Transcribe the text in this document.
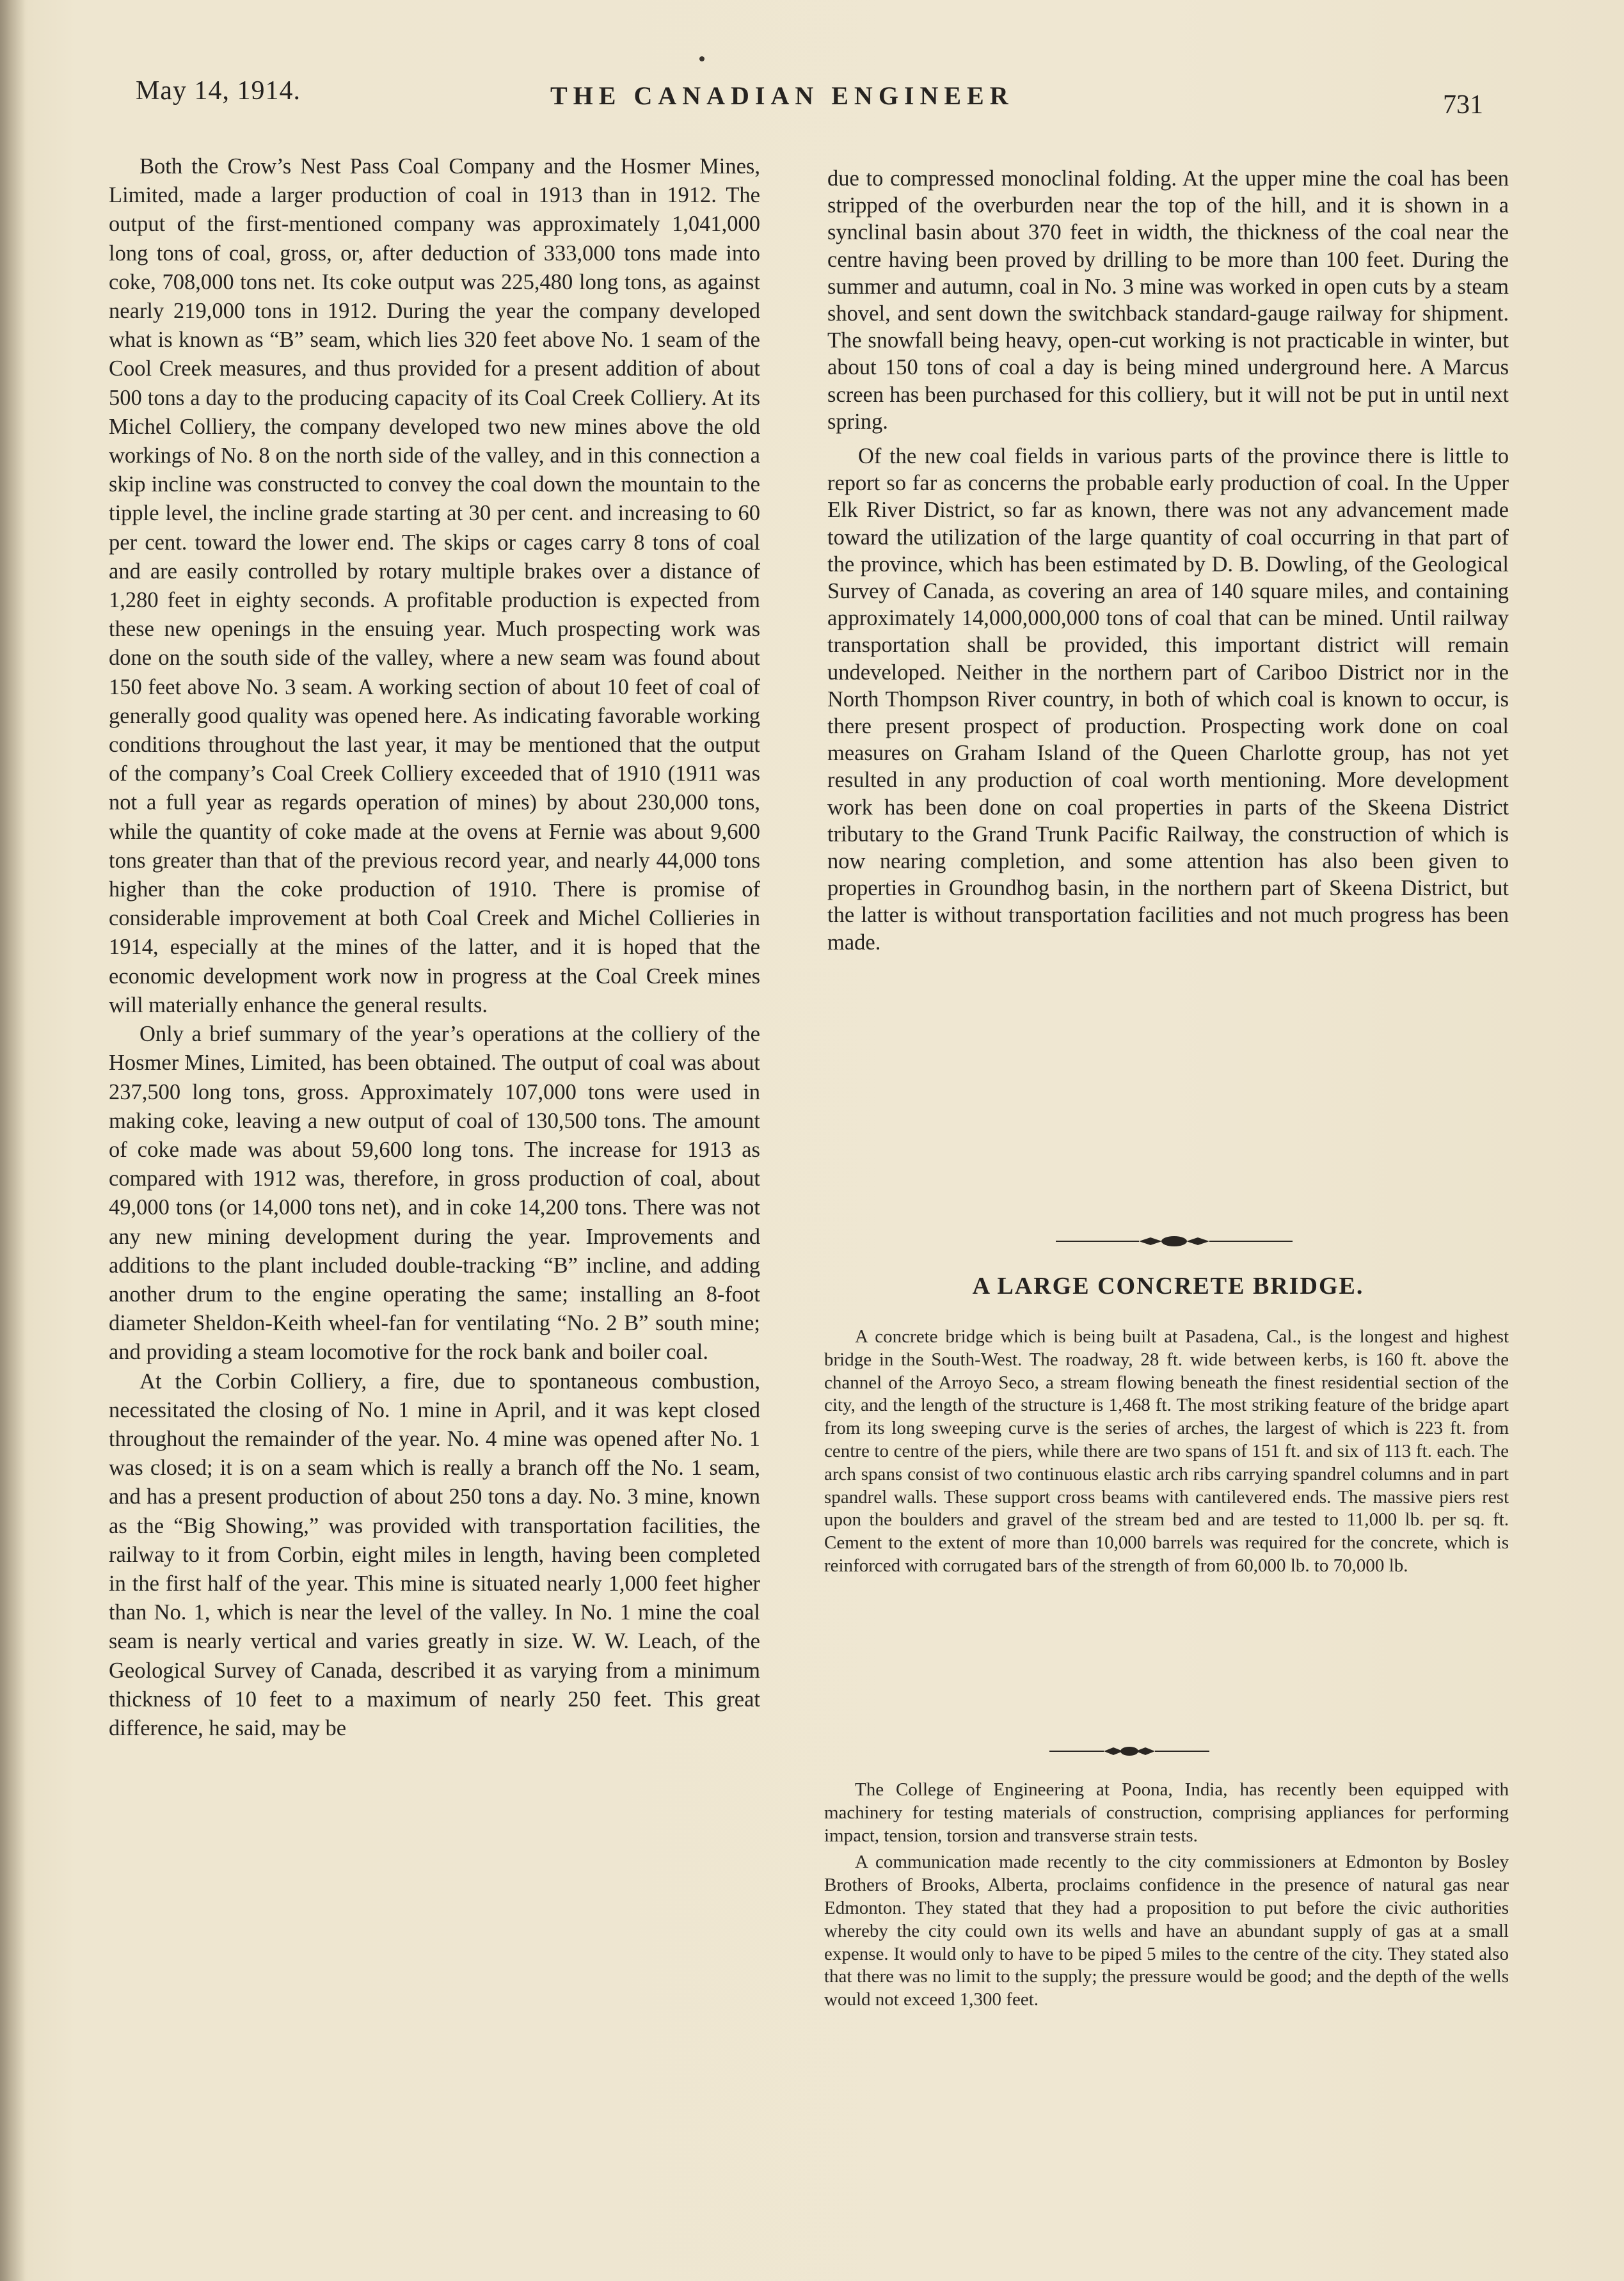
May 14, 1914.	THE CANADIAN ENGINEER	731

Both the Crow’s Nest Pass Coal Company and the Hosmer Mines, Limited, made a larger production of coal in 1913 than in 1912. The output of the first-mentioned company was approximately 1,041,000 long tons of coal, gross, or, after deduction of 333,000 tons made into coke, 708,000 tons net. Its coke output was 225,480 long tons, as against nearly 219,000 tons in 1912. During the year the company developed what is known as “B” seam, which lies 320 feet above No. 1 seam of the Cool Creek measures, and thus provided for a present addition of about 500 tons a day to the producing capacity of its Coal Creek Colliery. At its Michel Colliery, the company developed two new mines above the old workings of No. 8 on the north side of the valley, and in this connection a skip incline was constructed to convey the coal down the mountain to the tipple level, the incline grade starting at 30 per cent. and increasing to 60 per cent. toward the lower end. The skips or cages carry 8 tons of coal and are easily controlled by rotary multiple brakes over a distance of 1,280 feet in eighty seconds. A profitable production is expected from these new openings in the ensuing year. Much prospecting work was done on the south side of the valley, where a new seam was found about 150 feet above No. 3 seam. A working section of about 10 feet of coal of generally good quality was opened here. As indicating favorable working conditions throughout the last year, it may be mentioned that the output of the company’s Coal Creek Colliery exceeded that of 1910 (1911 was not a full year as regards operation of mines) by about 230,000 tons, while the quantity of coke made at the ovens at Fernie was about 9,600 tons greater than that of the previous record year, and nearly 44,000 tons higher than the coke production of 1910. There is promise of considerable improvement at both Coal Creek and Michel Collieries in 1914, especially at the mines of the latter, and it is hoped that the economic development work now in progress at the Coal Creek mines will materially enhance the general results.

Only a brief summary of the year’s operations at the colliery of the Hosmer Mines, Limited, has been obtained. The output of coal was about 237,500 long tons, gross. Approximately 107,000 tons were used in making coke, leaving a new output of coal of 130,500 tons. The amount of coke made was about 59,600 long tons. The increase for 1913 as compared with 1912 was, therefore, in gross production of coal, about 49,000 tons (or 14,000 tons net), and in coke 14,200 tons. There was not any new mining development during the year. Improvements and additions to the plant included double-tracking “B” incline, and adding another drum to the engine operating the same; installing an 8-foot diameter Sheldon-Keith wheel-fan for ventilating “No. 2 B” south mine; and providing a steam locomotive for the rock bank and boiler coal.

At the Corbin Colliery, a fire, due to spontaneous combustion, necessitated the closing of No. 1 mine in April, and it was kept closed throughout the remainder of the year. No. 4 mine was opened after No. 1 was closed; it is on a seam which is really a branch off the No. 1 seam, and has a present production of about 250 tons a day. No. 3 mine, known as the “Big Showing,” was provided with transportation facilities, the railway to it from Corbin, eight miles in length, having been completed in the first half of the year. This mine is situated nearly 1,000 feet higher than No. 1, which is near the level of the valley. In No. 1 mine the coal seam is nearly vertical and varies greatly in size. W. W. Leach, of the Geological Survey of Canada, described it as varying from a minimum thickness of 10 feet to a maximum of nearly 250 feet. This great difference, he said, may be

due to compressed monoclinal folding. At the upper mine the coal has been stripped of the overburden near the top of the hill, and it is shown in a synclinal basin about 370 feet in width, the thickness of the coal near the centre having been proved by drilling to be more than 100 feet. During the summer and autumn, coal in No. 3 mine was worked in open cuts by a steam shovel, and sent down the switchback standard-gauge railway for shipment. The snowfall being heavy, open-cut working is not practicable in winter, but about 150 tons of coal a day is being mined underground here. A Marcus screen has been purchased for this colliery, but it will not be put in until next spring.

Of the new coal fields in various parts of the province there is little to report so far as concerns the probable early production of coal. In the Upper Elk River District, so far as known, there was not any advancement made toward the utilization of the large quantity of coal occurring in that part of the province, which has been estimated by D. B. Dowling, of the Geological Survey of Canada, as covering an area of 140 square miles, and containing approximately 14,000,000,000 tons of coal that can be mined. Until railway transportation shall be provided, this important district will remain undeveloped. Neither in the northern part of Cariboo District nor in the North Thompson River country, in both of which coal is known to occur, is there present prospect of production. Prospecting work done on coal measures on Graham Island of the Queen Charlotte group, has not yet resulted in any production of coal worth mentioning. More development work has been done on coal properties in parts of the Skeena District tributary to the Grand Trunk Pacific Railway, the construction of which is now nearing completion, and some attention has also been given to properties in Groundhog basin, in the northern part of Skeena District, but the latter is without transportation facilities and not much progress has been made.

A LARGE CONCRETE BRIDGE.

A concrete bridge which is being built at Pasadena, Cal., is the longest and highest bridge in the South-West. The roadway, 28 ft. wide between kerbs, is 160 ft. above the channel of the Arroyo Seco, a stream flowing beneath the finest residential section of the city, and the length of the structure is 1,468 ft. The most striking feature of the bridge apart from its long sweeping curve is the series of arches, the largest of which is 223 ft. from centre to centre of the piers, while there are two spans of 151 ft. and six of 113 ft. each. The arch spans consist of two continuous elastic arch ribs carrying spandrel columns and in part spandrel walls. These support cross beams with cantilevered ends. The massive piers rest upon the boulders and gravel of the stream bed and are tested to 11,000 lb. per sq. ft. Cement to the extent of more than 10,000 barrels was required for the concrete, which is reinforced with corrugated bars of the strength of from 60,000 lb. to 70,000 lb.

The College of Engineering at Poona, India, has recently been equipped with machinery for testing materials of construction, comprising appliances for performing impact, tension, torsion and transverse strain tests.

A communication made recently to the city commissioners at Edmonton by Bosley Brothers of Brooks, Alberta, proclaims confidence in the presence of natural gas near Edmonton. They stated that they had a proposition to put before the civic authorities whereby the city could own its wells and have an abundant supply of gas at a small expense. It would only to have to be piped 5 miles to the centre of the city. They stated also that there was no limit to the supply; the pressure would be good; and the depth of the wells would not exceed 1,300 feet.
